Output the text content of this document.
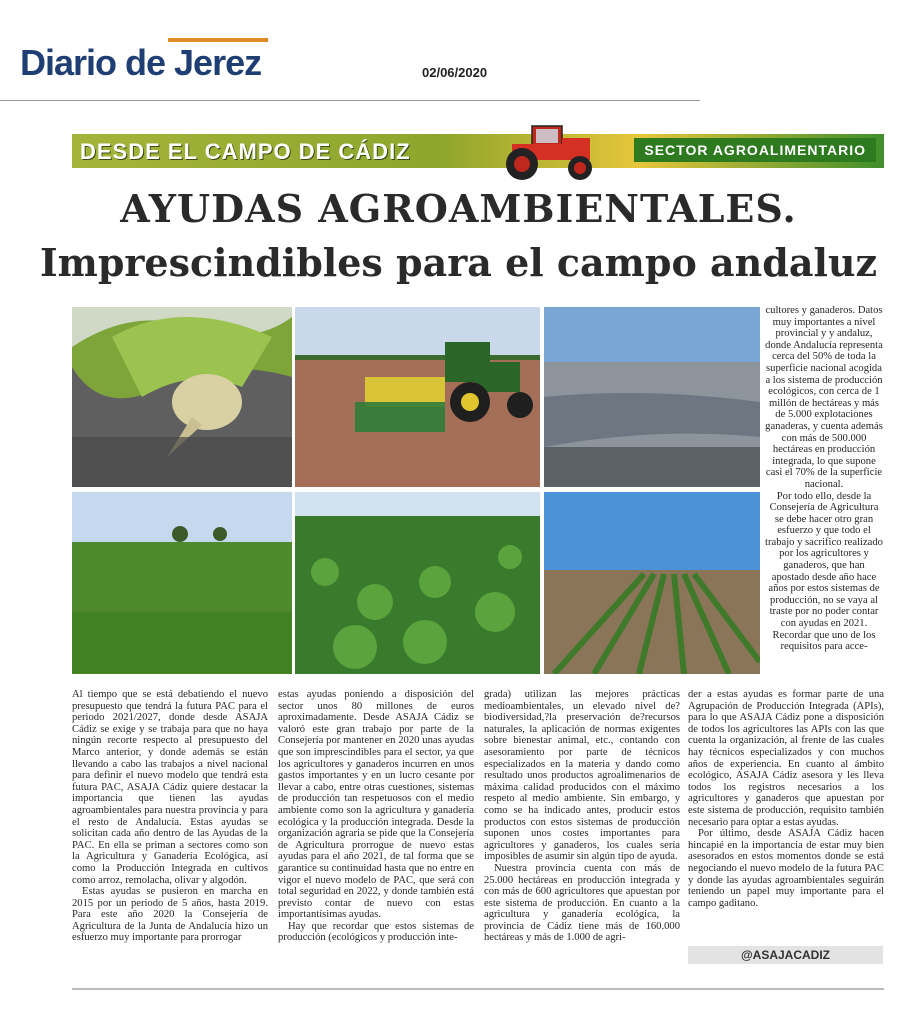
Diario de Jerez	02/06/2020
DESDE EL CAMPO DE CÁDIZ	SECTOR AGROALIMENTARIO
AYUDAS AGROAMBIENTALES.
Imprescindibles para el campo andaluz

cultores y ganaderos. Datos muy importantes a nivel provincial y y andaluz, donde Andalucía representa cerca del 50% de toda la superficie nacional acogida a los sistema de producción ecológicos, con cerca de 1 millón de hectáreas y más de 5.000 explotaciones ganaderas, y cuenta además con más de 500.000 hectáreas en producción integrada, lo que supone casi el 70% de la superficie nacional.

Por todo ello, desde la Consejería de Agricultura se debe hacer otro gran esfuerzo y que todo el trabajo y sacrifico realizado por los agricultores y ganaderos, que han apostado desde año hace años por estos sistemas de producción, no se vaya al traste por no poder contar con ayudas en 2021.

Recordar que uno de los requisitos para acce-

Al tiempo que se está debatiendo el nuevo presupuesto que tendrá la futura PAC para el periodo 2021/2027, donde desde ASAJA Cádiz se exige y se trabaja para que no haya ningún recorte respecto al presupuesto del Marco anterior, y donde además se están llevando a cabo las trabajos a nivel nacional para definir el nuevo modelo que tendrá esta futura PAC, ASAJA Cádiz quiere destacar la importancia que tienen las ayudas agroambientales para nuestra provincia y para el resto de Andalucía. Estas ayudas se solicitan cada año dentro de las Ayudas de la PAC. En ella se priman a sectores como son la Agricultura y Ganadería Ecológica, así como la Producción Integrada en cultivos como arroz, remolacha, olivar y algodón.

Estas ayudas se pusieron en marcha en 2015 por un periodo de 5 años, hasta 2019. Para este año 2020 la Consejería de Agricultura de la Junta de Andalucía hizo un esfuerzo muy importante para prorrogar

estas ayudas poniendo a disposición del sector unos 80 millones de euros aproximadamente. Desde ASAJA Cádiz se valoró este gran trabajo por parte de la Consejería por mantener en 2020 unas ayudas que son imprescindibles para el sector, ya que los agricultores y ganaderos incurren en unos gastos importantes y en un lucro cesante por llevar a cabo, entre otras cuestiones, sistemas de producción tan respetuosos con el medio ambiente como son la agricultura y ganadería ecológica y la producción integrada. Desde la organización agraria se pide que la Consejería de Agricultura prorrogue de nuevo estas ayudas para el año 2021, de tal forma que se garantice su continuidad hasta que no entre en vigor el nuevo modelo de PAC, que será con total seguridad en 2022, y donde también está previsto contar de nuevo con estas importantísimas ayudas.

Hay que recordar que estos sistemas de producción (ecológicos y producción inte-

grada) utilizan las mejores prácticas medioambientales, un elevado nivel de?biodiversidad,?la preservación de?recursos naturales, la aplicación de normas exigentes sobre bienestar animal, etc., contando con asesoramiento por parte de técnicos especializados en la materia y dando como resultado unos productos agroalimenarios de máxima calidad producidos con el máximo respeto al medio ambiente. Sin embargo, y como se ha indicado antes, producir estos productos con estos sistemas de producción suponen unos costes importantes para agricultores y ganaderos, los cuales sería imposibles de asumir sin algún tipo de ayuda.

Nuestra provincia cuenta con más de 25.000 hectáreas en producción integrada y con más de 600 agricultores que apuestan por este sistema de producción. En cuanto a la agricultura y ganadería ecológica, la provincia de Cádiz tiene más de 160.000 hectáreas y más de 1.000 de agri-

der a estas ayudas es formar parte de una Agrupación de Producción Integrada (APIs), para lo que ASAJA Cádiz pone a disposición de todos los agricultores las APIs con las que cuenta la organización, al frente de las cuales hay técnicos especializados y con muchos años de experiencia. En cuanto al ámbito ecológico, ASAJA Cádiz asesora y les lleva todos los registros necesarios a los agricultores y ganaderos que apuestan por este sistema de producción, requisito también necesario para optar a estas ayudas.

Por último, desde ASAJA Cádiz hacen hincapié en la importancia de estar muy bien asesorados en estos momentos donde se está negociando el nuevo modelo de la futura PAC y donde las ayudas agroambientales seguirán teniendo un papel muy importante para el campo gaditano.

@ASAJACADIZ
